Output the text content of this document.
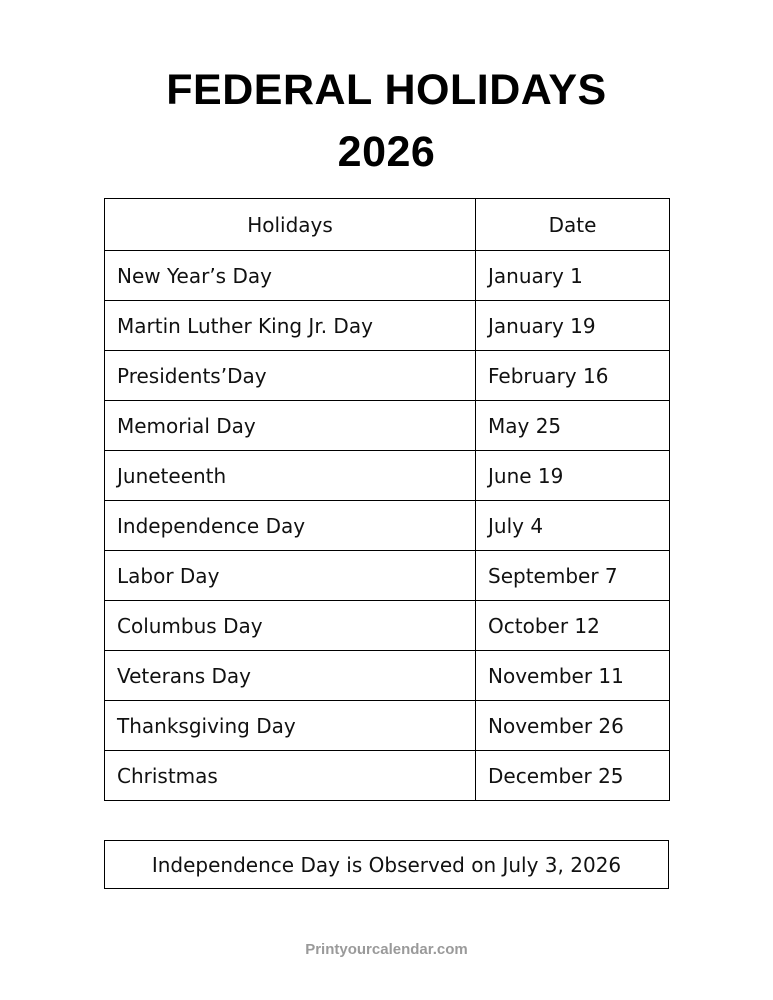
FEDERAL HOLIDAYS
2026
Holidays	Date
New Year’s Day	January 1
Martin Luther King Jr. Day	January 19
Presidents’Day	February 16
Memorial Day	May 25
Juneteenth	June 19
Independence Day	July 4
Labor Day	September 7
Columbus Day	October 12
Veterans Day	November 11
Thanksgiving Day	November 26
Christmas	December 25
Independence Day is Observed on July 3, 2026
Printyourcalendar.com
